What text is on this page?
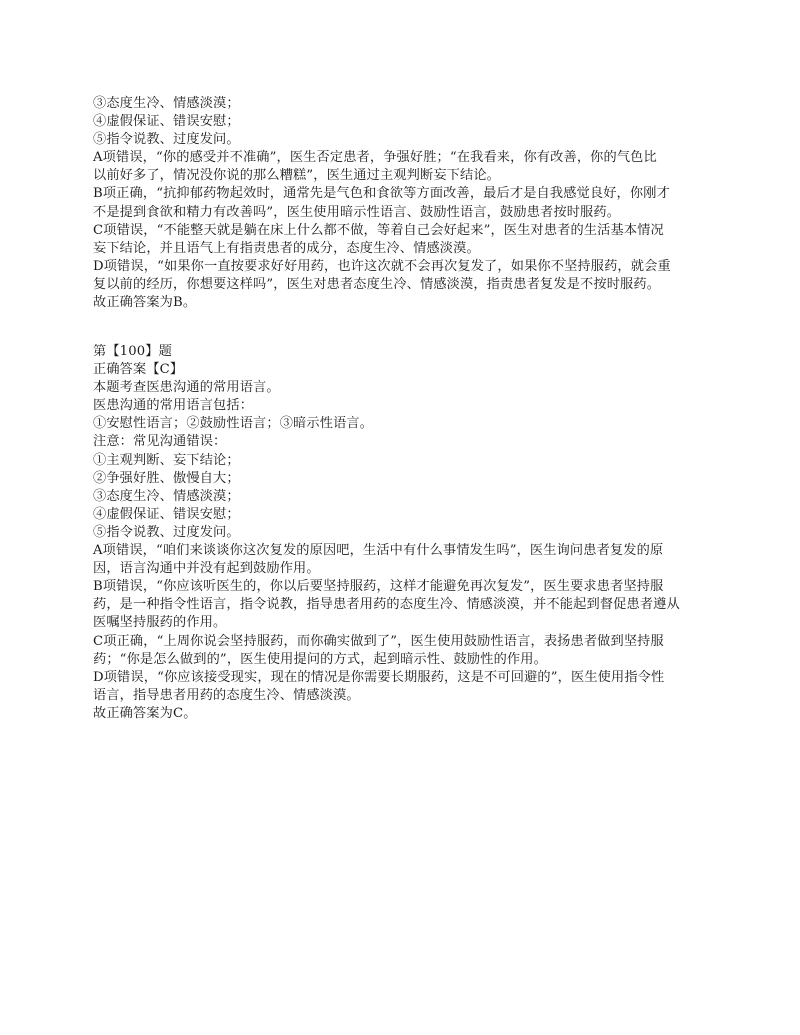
③态度生冷、情感淡漠；
④虚假保证、错误安慰；
⑤指令说教、过度发问。
A项错误，“你的感受并不准确”，医生否定患者，争强好胜；“在我看来，你有改善，你的气色比
以前好多了，情况没你说的那么糟糕”，医生通过主观判断妄下结论。
B项正确，“抗抑郁药物起效时，通常先是气色和食欲等方面改善，最后才是自我感觉良好，你刚才
不是提到食欲和精力有改善吗”，医生使用暗示性语言、鼓励性语言，鼓励患者按时服药。
C项错误，“不能整天就是躺在床上什么都不做，等着自己会好起来”，医生对患者的生活基本情况
妄下结论，并且语气上有指责患者的成分，态度生冷、情感淡漠。
D项错误，“如果你一直按要求好好用药，也许这次就不会再次复发了，如果你不坚持服药，就会重
复以前的经历，你想要这样吗”，医生对患者态度生冷、情感淡漠，指责患者复发是不按时服药。
故正确答案为B。
第【100】题
正确答案【C】
本题考查医患沟通的常用语言。
医患沟通的常用语言包括：
①安慰性语言；②鼓励性语言；③暗示性语言。
注意：常见沟通错误：
①主观判断、妄下结论；
②争强好胜、傲慢自大；
③态度生冷、情感淡漠；
④虚假保证、错误安慰；
⑤指令说教、过度发问。
A项错误，“咱们来谈谈你这次复发的原因吧，生活中有什么事情发生吗”，医生询问患者复发的原
因，语言沟通中并没有起到鼓励作用。
B项错误，“你应该听医生的，你以后要坚持服药，这样才能避免再次复发”，医生要求患者坚持服
药，是一种指令性语言，指令说教，指导患者用药的态度生冷、情感淡漠，并不能起到督促患者遵从
医嘱坚持服药的作用。
C项正确，“上周你说会坚持服药，而你确实做到了”，医生使用鼓励性语言，表扬患者做到坚持服
药；“你是怎么做到的”，医生使用提问的方式，起到暗示性、鼓励性的作用。
D项错误，“你应该接受现实，现在的情况是你需要长期服药，这是不可回避的”，医生使用指令性
语言，指导患者用药的态度生冷、情感淡漠。
故正确答案为C。
